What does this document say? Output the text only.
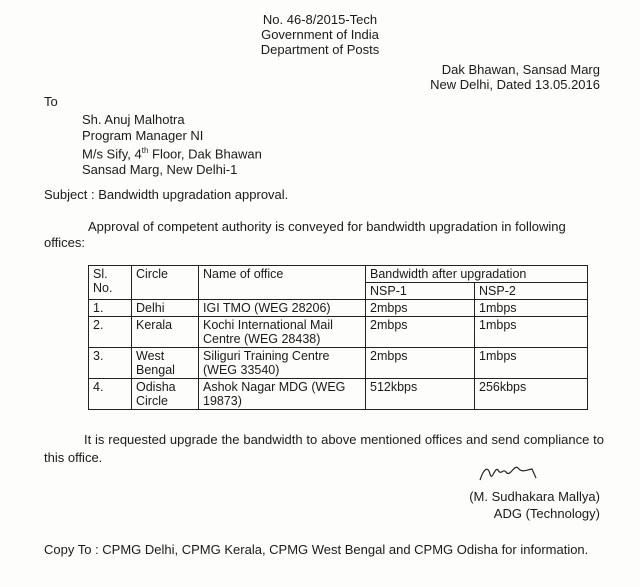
No. 46-8/2015-Tech
Government of India
Department of Posts
Dak Bhawan, Sansad Marg
New Delhi, Dated 13.05.2016
To
Sh. Anuj Malhotra
Program Manager NI
M/s Sify, 4th Floor, Dak Bhawan
Sansad Marg, New Delhi-1
Subject : Bandwidth upgradation approval.
Approval of competent authority is conveyed for bandwidth upgradation in following offices:
Sl. No.	Circle	Name of office	Bandwidth after upgradation	
			NSP-1	NSP-2
1.	Delhi	IGI TMO (WEG 28206)	2mbps	1mbps
2.	Kerala	Kochi International Mail Centre (WEG 28438)	2mbps	1mbps
3.	West Bengal	Siliguri Training Centre (WEG 33540)	2mbps	1mbps
4.	Odisha Circle	Ashok Nagar MDG (WEG 19873)	512kbps	256kbps
It is requested upgrade the bandwidth to above mentioned offices and send compliance to this office.
(M. Sudhakara Mallya)
ADG (Technology)
Copy To : CPMG Delhi, CPMG Kerala, CPMG West Bengal and CPMG Odisha for information.
